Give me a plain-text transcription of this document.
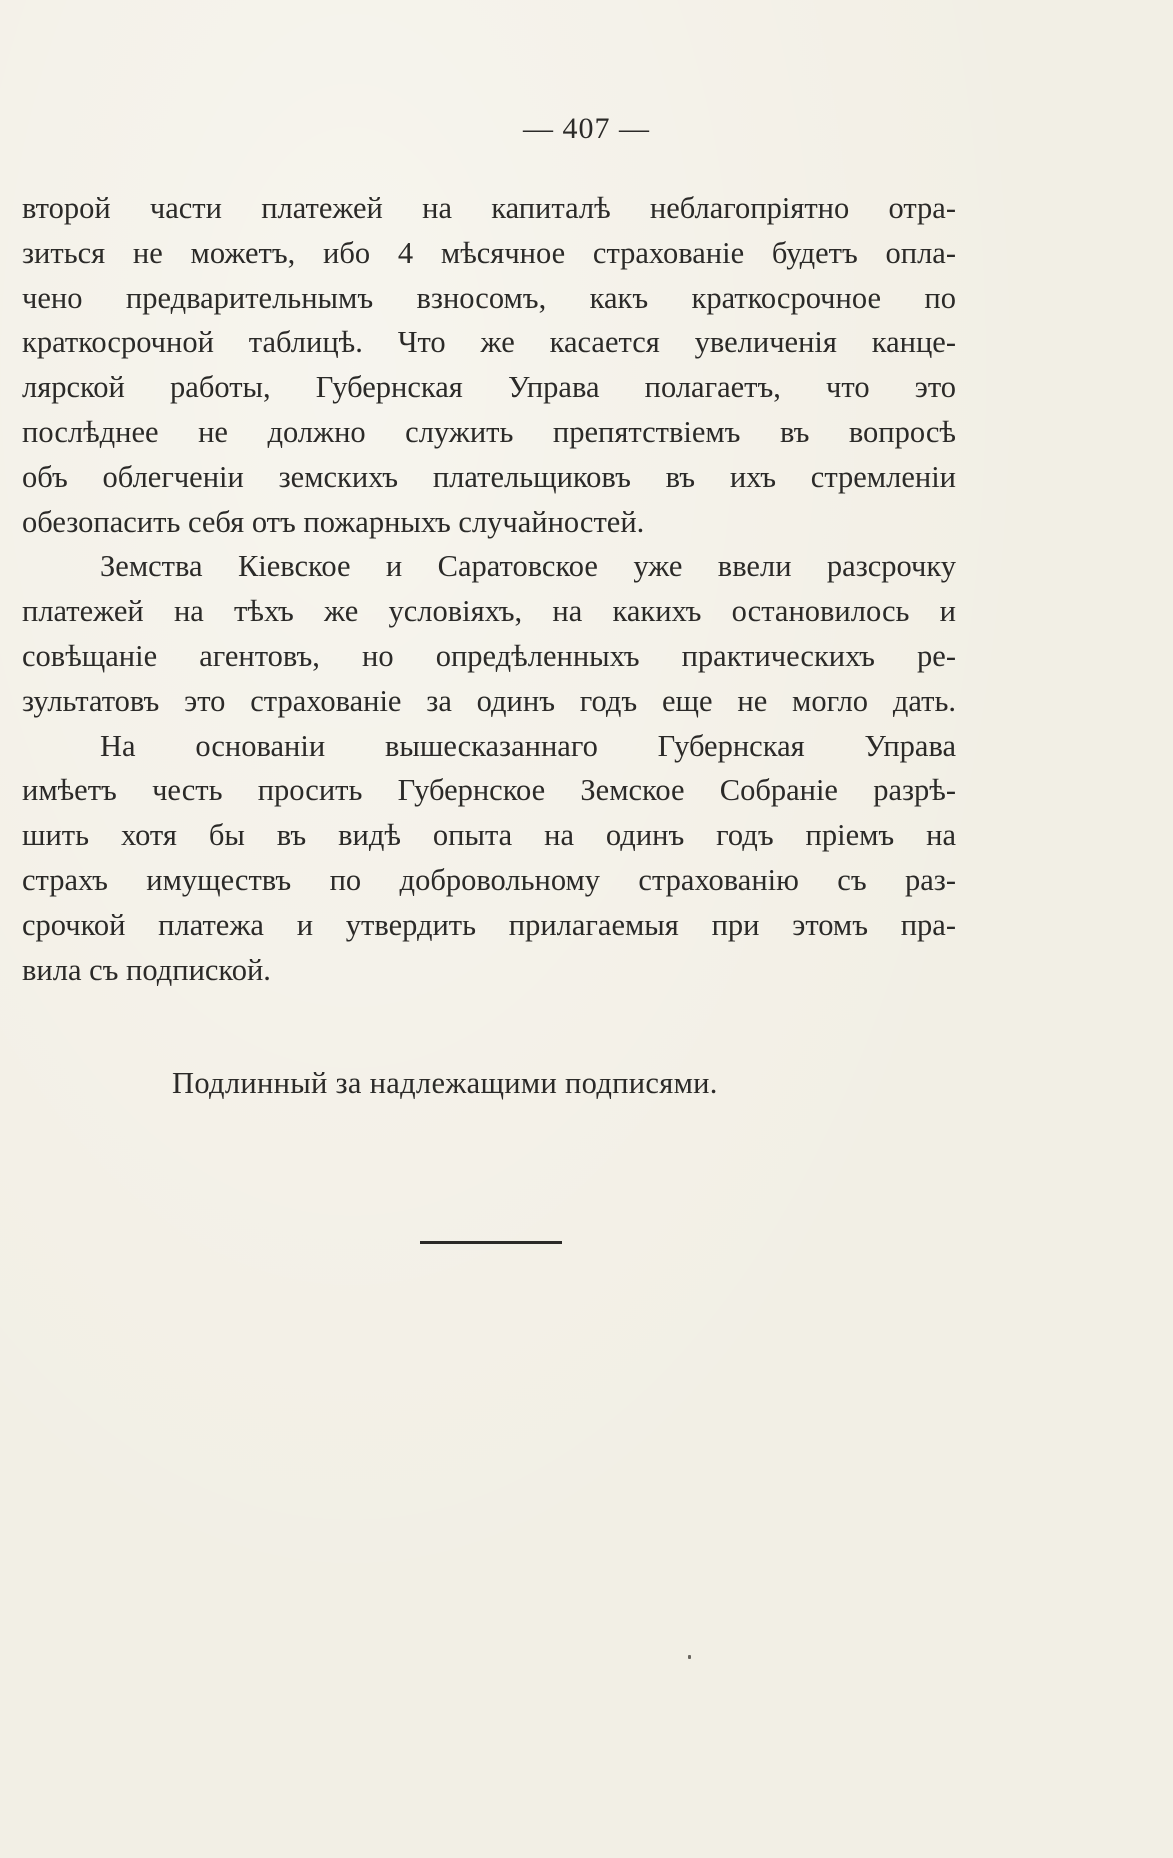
— 407 —

второй части платежей на капиталѣ неблагопріятно отра-
зиться не можетъ, ибо 4 мѣсячное страхованіе будетъ опла-
чено предварительнымъ взносомъ, какъ краткосрочное по
краткосрочной таблицѣ. Что же касается увеличенія канце-
лярской работы, Губернская Управа полагаетъ, что это
послѣднее не должно служить препятствіемъ въ вопросѣ
объ облегченіи земскихъ плательщиковъ въ ихъ стремленіи
обезопасить себя отъ пожарныхъ случайностей.

Земства Кіевское и Саратовское уже ввели разсрочку
платежей на тѣхъ же условіяхъ, на какихъ остановилось и
совѣщаніе агентовъ, но опредѣленныхъ практическихъ ре-
зультатовъ это страхованіе за одинъ годъ еще не могло дать.

На основаніи вышесказаннаго Губернская Управа
имѣетъ честь просить Губернское Земское Собраніе разрѣ-
шить хотя бы въ видѣ опыта на одинъ годъ пріемъ на
страхъ имуществъ по добровольному страхованію съ раз-
срочкой платежа и утвердить прилагаемыя при этомъ пра-
вила съ подпиской.

Подлинный за надлежащими подписями.
